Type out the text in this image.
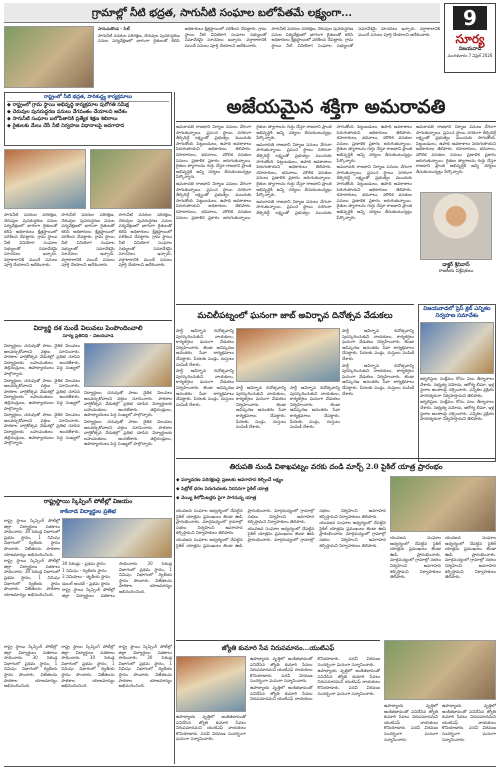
గ్రామాల్లో నీటి భద్రత, సాగునీటి సంఘాల బలోపేతమే లక్ష్యంగా...	9
సూర్య
విజయవాడ
మంగళవారం 7 ఏప్రిల్ 2026

హనుమకొండ - సిటీ

సాగునీటి వనరుల పరిరక్షణ, చెరువుల పునరుద్ధరణ పనుల పర్యవేక్షణలో భాగంగా రైతులతో కలిసి అధికారులు క్షేత్రస్థాయిలో పరిశీలన చేపట్టారు. గ్రామ స్థాయి నీటి వినియోగ సంఘాల సభ్యులతో సమావేశమై సూచనలు ఇచ్చారు. వర్షాకాలానికి ముందే పనులు పూర్తి చేయాలని ఆదేశించారు.

సాగునీటి వనరుల పరిరక్షణ, చెరువుల పునరుద్ధరణ పనుల పర్యవేక్షణలో భాగంగా రైతులతో కలిసి అధికారులు క్షేత్రస్థాయిలో పరిశీలన చేపట్టారు. గ్రామ స్థాయి నీటి వినియోగ సంఘాల సభ్యులతో సమావేశమై సూచనలు ఇచ్చారు. వర్షాకాలానికి ముందే పనులు పూర్తి చేయాలని ఆదేశించారు.

రాష్ట్రంలో నీటి భద్రత, పారిశుద్ధ్య కార్యక్రమాలు
◆ రాష్ట్రంలో గ్రామ స్థాయి అభివృద్ధి కార్యక్రమాల పురోగతి సమీక్ష
◆ చెరువుల పునరుద్ధరణ పనులు వేగవంతం చేయాలని ఆదేశం
◆ సాగునీటి సంఘాల బలోపేతానికి ప్రత్యేక శిక్షణ శిబిరాలు
◆ రైతులకు మేలు చేసే నీటి నిర్వహణ విధానాలపై అవగాహన
అజేయమైన శక్తిగా అమరావతి

అమరావతి రాజధాని నిర్మాణ పనులు వేగంగా సాగుతున్నాయి. ప్రపంచ స్థాయి నగరంగా తీర్చిదిద్దే లక్ష్యంతో ప్రభుత్వం ముందుకు సాగుతోంది. పెట్టుబడులు, ఉపాధి అవకాశాలు పెరుగుతాయని అధికారులు తెలిపారు. రహదారులు, భవనాలు, మౌలిక వసతుల పనులు ప్రణాళిక ప్రకారం జరుగుతున్నాయి. రైతుల త్యాగాలను గుర్తు చేస్తూ రాజధాని ప్రాంత అభివృద్ధికి అన్ని చర్యలు తీసుకుంటున్నట్లు పేర్కొన్నారు.

అమరావతి రాజధాని నిర్మాణ పనులు వేగంగా సాగుతున్నాయి. ప్రపంచ స్థాయి నగరంగా తీర్చిదిద్దే లక్ష్యంతో ప్రభుత్వం ముందుకు సాగుతోంది. పెట్టుబడులు, ఉపాధి అవకాశాలు పెరుగుతాయని అధికారులు తెలిపారు. రహదారులు, భవనాలు, మౌలిక వసతుల పనులు ప్రణాళిక ప్రకారం జరుగుతున్నాయి. రైతుల త్యాగాలను గుర్తు చేస్తూ రాజధాని ప్రాంత అభివృద్ధికి అన్ని చర్యలు తీసుకుంటున్నట్లు పేర్కొన్నారు.

అమరావతి రాజధాని నిర్మాణ పనులు వేగంగా సాగుతున్నాయి. ప్రపంచ స్థాయి నగరంగా తీర్చిదిద్దే లక్ష్యంతో ప్రభుత్వం ముందుకు సాగుతోంది. పెట్టుబడులు, ఉపాధి అవకాశాలు పెరుగుతాయని అధికారులు తెలిపారు. రహదారులు, భవనాలు, మౌలిక వసతుల పనులు ప్రణాళిక ప్రకారం జరుగుతున్నాయి. రైతుల త్యాగాలను గుర్తు చేస్తూ రాజధాని ప్రాంత అభివృద్ధికి అన్ని చర్యలు తీసుకుంటున్నట్లు పేర్కొన్నారు.

అమరావతి రాజధాని నిర్మాణ పనులు వేగంగా సాగుతున్నాయి. ప్రపంచ స్థాయి నగరంగా తీర్చిదిద్దే లక్ష్యంతో ప్రభుత్వం ముందుకు సాగుతోంది. పెట్టుబడులు, ఉపాధి అవకాశాలు పెరుగుతాయని అధికారులు తెలిపారు. రహదారులు, భవనాలు, మౌలిక వసతుల పనులు ప్రణాళిక ప్రకారం జరుగుతున్నాయి. రైతుల త్యాగాలను గుర్తు చేస్తూ రాజధాని ప్రాంత అభివృద్ధికి అన్ని చర్యలు తీసుకుంటున్నట్లు పేర్కొన్నారు.

అమరావతి రాజధాని నిర్మాణ పనులు వేగంగా సాగుతున్నాయి. ప్రపంచ స్థాయి నగరంగా తీర్చిదిద్దే లక్ష్యంతో ప్రభుత్వం ముందుకు సాగుతోంది. పెట్టుబడులు, ఉపాధి అవకాశాలు పెరుగుతాయని అధికారులు తెలిపారు. రహదారులు, భవనాలు, మౌలిక వసతుల పనులు ప్రణాళిక ప్రకారం జరుగుతున్నాయి. రైతుల త్యాగాలను గుర్తు చేస్తూ రాజధాని ప్రాంత అభివృద్ధికి అన్ని చర్యలు తీసుకుంటున్నట్లు పేర్కొన్నారు.

అమరావతి రాజధాని నిర్మాణ పనులు వేగంగా సాగుతున్నాయి. ప్రపంచ స్థాయి నగరంగా తీర్చిదిద్దే లక్ష్యంతో ప్రభుత్వం ముందుకు సాగుతోంది. పెట్టుబడులు, ఉపాధి అవకాశాలు పెరుగుతాయని అధికారులు తెలిపారు. రహదారులు, భవనాలు, మౌలిక వసతుల పనులు ప్రణాళిక ప్రకారం జరుగుతున్నాయి. రైతుల త్యాగాలను గుర్తు చేస్తూ రాజధాని ప్రాంత అభివృద్ధికి అన్ని చర్యలు తీసుకుంటున్నట్లు పేర్కొన్నారు.

డాక్టర్ శ్రీనివాస్
రాజకీయ విశ్లేషకులు

సాగునీటి వనరుల పరిరక్షణ, చెరువుల పునరుద్ధరణ పనుల పర్యవేక్షణలో భాగంగా రైతులతో కలిసి అధికారులు క్షేత్రస్థాయిలో పరిశీలన చేపట్టారు. గ్రామ స్థాయి నీటి వినియోగ సంఘాల సభ్యులతో సమావేశమై సూచనలు ఇచ్చారు. వర్షాకాలానికి ముందే పనులు పూర్తి చేయాలని ఆదేశించారు.

సాగునీటి వనరుల పరిరక్షణ, చెరువుల పునరుద్ధరణ పనుల పర్యవేక్షణలో భాగంగా రైతులతో కలిసి అధికారులు క్షేత్రస్థాయిలో పరిశీలన చేపట్టారు. గ్రామ స్థాయి నీటి వినియోగ సంఘాల సభ్యులతో సమావేశమై సూచనలు ఇచ్చారు. వర్షాకాలానికి ముందే పనులు పూర్తి చేయాలని ఆదేశించారు.

సాగునీటి వనరుల పరిరక్షణ, చెరువుల పునరుద్ధరణ పనుల పర్యవేక్షణలో భాగంగా రైతులతో కలిసి అధికారులు క్షేత్రస్థాయిలో పరిశీలన చేపట్టారు. గ్రామ స్థాయి నీటి వినియోగ సంఘాల సభ్యులతో సమావేశమై సూచనలు ఇచ్చారు. వర్షాకాలానికి ముందే పనులు పూర్తి చేయాలని ఆదేశించారు.

మచిలీపట్నంలో ఘనంగా జాబ్ అవిర్భావ దినోత్సవ వేడుకలు

పార్టీ ఆవిర్భావ దినోత్సవాన్ని పురస్కరించుకుని నాయకులు, కార్యకర్తలు ఘనంగా వేడుకలు నిర్వహించారు. జెండా ఆవిష్కరణ అనంతరం సేవా కార్యక్రమాలు చేపట్టారు. పేదలకు పండ్లు, దుస్తులు పంపిణీ చేశారు.

పార్టీ ఆవిర్భావ దినోత్సవాన్ని పురస్కరించుకుని నాయకులు, కార్యకర్తలు ఘనంగా వేడుకలు నిర్వహించారు. జెండా ఆవిష్కరణ అనంతరం సేవా కార్యక్రమాలు చేపట్టారు. పేదలకు పండ్లు, దుస్తులు పంపిణీ చేశారు.

పార్టీ ఆవిర్భావ దినోత్సవాన్ని పురస్కరించుకుని నాయకులు, కార్యకర్తలు ఘనంగా వేడుకలు నిర్వహించారు. జెండా ఆవిష్కరణ అనంతరం సేవా కార్యక్రమాలు చేపట్టారు. పేదలకు పండ్లు, దుస్తులు పంపిణీ చేశారు.

పార్టీ ఆవిర్భావ దినోత్సవాన్ని పురస్కరించుకుని నాయకులు, కార్యకర్తలు ఘనంగా వేడుకలు నిర్వహించారు. జెండా ఆవిష్కరణ అనంతరం సేవా కార్యక్రమాలు చేపట్టారు. పేదలకు పండ్లు, దుస్తులు పంపిణీ చేశారు.

పార్టీ ఆవిర్భావ దినోత్సవాన్ని పురస్కరించుకుని నాయకులు, కార్యకర్తలు ఘనంగా వేడుకలు నిర్వహించారు. జెండా ఆవిష్కరణ అనంతరం సేవా కార్యక్రమాలు చేపట్టారు. పేదలకు పండ్లు, దుస్తులు పంపిణీ చేశారు.

పార్టీ ఆవిర్భావ దినోత్సవాన్ని పురస్కరించుకుని నాయకులు, కార్యకర్తలు ఘనంగా వేడుకలు నిర్వహించారు. జెండా ఆవిష్కరణ అనంతరం సేవా కార్యక్రమాలు చేపట్టారు. పేదలకు పండ్లు, దుస్తులు పంపిణీ చేశారు.

విజయవాడలో ప్రెస్ క్లబ్ ఎన్నికల నిర్వహణ సమావేశం

జర్నలిస్టుల సంక్షేమం కోసం పలు తీర్మానాలు చేశారు. సభ్యత్వ నమోదు, ఆరోగ్య బీమా, ఇళ్ల స్థలాల అంశాలపై చర్చించారు. ఎన్నికల ప్రక్రియ పారదర్శకంగా నిర్వహిస్తామని తెలిపారు.

జర్నలిస్టుల సంక్షేమం కోసం పలు తీర్మానాలు చేశారు. సభ్యత్వ నమోదు, ఆరోగ్య బీమా, ఇళ్ల స్థలాల అంశాలపై చర్చించారు. ఎన్నికల ప్రక్రియ పారదర్శకంగా నిర్వహిస్తామని తెలిపారు.

విద్యార్థి దశ నుండే విలువలు పెంపొందించాలి
సూర్య ప్రతినిధి - విజయవాడ

విద్యార్థులు చదువుతో పాటు నైతిక విలువలు అలవర్చుకోవాలని వక్తలు సూచించారు. పాఠశాల వార్షికోత్సవ వేడుకల్లో ప్రతిభ చూపిన విద్యార్థులకు బహుమతులు అందజేశారు. తల్లిదండ్రులు, ఉపాధ్యాయులు పెద్ద సంఖ్యలో పాల్గొన్నారు.

విద్యార్థులు చదువుతో పాటు నైతిక విలువలు అలవర్చుకోవాలని వక్తలు సూచించారు. పాఠశాల వార్షికోత్సవ వేడుకల్లో ప్రతిభ చూపిన విద్యార్థులకు బహుమతులు అందజేశారు. తల్లిదండ్రులు, ఉపాధ్యాయులు పెద్ద సంఖ్యలో పాల్గొన్నారు.

విద్యార్థులు చదువుతో పాటు నైతిక విలువలు అలవర్చుకోవాలని వక్తలు సూచించారు. పాఠశాల వార్షికోత్సవ వేడుకల్లో ప్రతిభ చూపిన విద్యార్థులకు బహుమతులు అందజేశారు. తల్లిదండ్రులు, ఉపాధ్యాయులు పెద్ద సంఖ్యలో పాల్గొన్నారు.

విద్యార్థులు చదువుతో పాటు నైతిక విలువలు అలవర్చుకోవాలని వక్తలు సూచించారు. పాఠశాల వార్షికోత్సవ వేడుకల్లో ప్రతిభ చూపిన విద్యార్థులకు బహుమతులు అందజేశారు. తల్లిదండ్రులు, ఉపాధ్యాయులు పెద్ద సంఖ్యలో పాల్గొన్నారు.

విద్యార్థులు చదువుతో పాటు నైతిక విలువలు అలవర్చుకోవాలని వక్తలు సూచించారు. పాఠశాల వార్షికోత్సవ వేడుకల్లో ప్రతిభ చూపిన విద్యార్థులకు బహుమతులు అందజేశారు. తల్లిదండ్రులు, ఉపాధ్యాయులు పెద్ద సంఖ్యలో పాల్గొన్నారు.

తిరుపతి నుండి విశాఖపట్నం వరకు దండి మార్చ్ 2.0 పైకిల్ యాత్ర ప్రారంభం
◆ పర్యావరణ పరిరక్షణపై ప్రజలకు అవగాహన కల్పించే లక్ష్యం
◆ పెట్రోల్ ధరల పెరుగుదలకు నిరసనగా సైకిల్ యాత్ర
◆ వెయ్యి కిలోమీటర్లకు పైగా సాగనున్న యాత్ర

యువజన సంఘాల ఆధ్వర్యంలో చేపట్టిన సైకిల్ యాత్రను ప్రముఖులు జెండా ఊపి ప్రారంభించారు. మార్గమధ్యంలో గ్రామాల్లో సభలు నిర్వహించి అవగాహన కల్పిస్తామని నిర్వాహకులు తెలిపారు.

యువజన సంఘాల ఆధ్వర్యంలో చేపట్టిన సైకిల్ యాత్రను ప్రముఖులు జెండా ఊపి ప్రారంభించారు. మార్గమధ్యంలో గ్రామాల్లో సభలు నిర్వహించి అవగాహన కల్పిస్తామని నిర్వాహకులు తెలిపారు.

యువజన సంఘాల ఆధ్వర్యంలో చేపట్టిన సైకిల్ యాత్రను ప్రముఖులు జెండా ఊపి ప్రారంభించారు. మార్గమధ్యంలో గ్రామాల్లో సభలు నిర్వహించి అవగాహన కల్పిస్తామని నిర్వాహకులు తెలిపారు.

యువజన సంఘాల ఆధ్వర్యంలో చేపట్టిన సైకిల్ యాత్రను ప్రముఖులు జెండా ఊపి ప్రారంభించారు. మార్గమధ్యంలో గ్రామాల్లో సభలు నిర్వహించి అవగాహన కల్పిస్తామని నిర్వాహకులు తెలిపారు.

యువజన సంఘాల ఆధ్వర్యంలో చేపట్టిన సైకిల్ యాత్రను ప్రముఖులు జెండా ఊపి ప్రారంభించారు. మార్గమధ్యంలో గ్రామాల్లో సభలు నిర్వహించి అవగాహన కల్పిస్తామని నిర్వాహకులు తెలిపారు.

యువజన సంఘాల ఆధ్వర్యంలో చేపట్టిన సైకిల్ యాత్రను ప్రముఖులు జెండా ఊపి ప్రారంభించారు. మార్గమధ్యంలో గ్రామాల్లో సభలు నిర్వహించి అవగాహన కల్పిస్తామని నిర్వాహకులు తెలిపారు.

రాష్ట్రస్థాయి స్కిప్పింగ్ పోటీల్లో విజయం
కాకినాడ విద్యార్థుల ప్రతిభ

రాష్ట్ర స్థాయి స్కిప్పింగ్ పోటీల్లో జిల్లా విద్యార్థులు పతకాలు సాధించారు. 30 సెకండ్ల విభాగంలో ప్రథమ స్థానం, 1 నిమిషం విభాగంలో ద్వితీయ స్థానం పొందారు. విజేతలను పాఠశాల యాజమాన్యం అభినందించింది.

రాష్ట్ర స్థాయి స్కిప్పింగ్ పోటీల్లో జిల్లా విద్యార్థులు పతకాలు సాధించారు. 30 సెకండ్ల విభాగంలో ప్రథమ స్థానం, 1 నిమిషం విభాగంలో ద్వితీయ స్థానం పొందారు. విజేతలను పాఠశాల యాజమాన్యం అభినందించింది.

30 సెకండ్లు - ప్రథమ స్థానం

1 నిమిషం - ద్వితీయ స్థానం

3 నిమిషాలు - తృతీయ స్థానం

డబుల్ అండర్ - ప్రథమ స్థానం

రాష్ట్ర స్థాయి స్కిప్పింగ్ పోటీల్లో జిల్లా విద్యార్థులు పతకాలు సాధించారు. 30 సెకండ్ల విభాగంలో ప్రథమ స్థానం, 1 నిమిషం విభాగంలో ద్వితీయ స్థానం పొందారు. విజేతలను పాఠశాల యాజమాన్యం అభినందించింది.

రాష్ట్ర స్థాయి స్కిప్పింగ్ పోటీల్లో జిల్లా విద్యార్థులు పతకాలు సాధించారు. 30 సెకండ్ల విభాగంలో ప్రథమ స్థానం, 1 నిమిషం విభాగంలో ద్వితీయ స్థానం పొందారు. విజేతలను పాఠశాల యాజమాన్యం అభినందించింది.

రాష్ట్ర స్థాయి స్కిప్పింగ్ పోటీల్లో జిల్లా విద్యార్థులు పతకాలు సాధించారు. 30 సెకండ్ల విభాగంలో ప్రథమ స్థానం, 1 నిమిషం విభాగంలో ద్వితీయ స్థానం పొందారు. విజేతలను పాఠశాల యాజమాన్యం అభినందించింది.

రాష్ట్ర స్థాయి స్కిప్పింగ్ పోటీల్లో జిల్లా విద్యార్థులు పతకాలు సాధించారు. 30 సెకండ్ల విభాగంలో ప్రథమ స్థానం, 1 నిమిషం విభాగంలో ద్వితీయ స్థానం పొందారు. విజేతలను పాఠశాల యాజమాన్యం అభినందించింది.

జ్యోతి కుమారి సేవ నిరుపమానం...యుటిఎఫ్

ఉపాధ్యాయ వృత్తిలో అంకితభావంతో పనిచేసిన జ్యోతి కుమారి సేవలు నిరుపమానమని యుటిఎఫ్ నాయకులు కొనియాడారు. పదవీ విరమణ సందర్భంగా ఘనంగా సన్మానించారు.

ఉపాధ్యాయ వృత్తిలో అంకితభావంతో పనిచేసిన జ్యోతి కుమారి సేవలు నిరుపమానమని యుటిఎఫ్ నాయకులు కొనియాడారు. పదవీ విరమణ సందర్భంగా ఘనంగా సన్మానించారు.

ఉపాధ్యాయ వృత్తిలో అంకితభావంతో పనిచేసిన జ్యోతి కుమారి సేవలు నిరుపమానమని యుటిఎఫ్ నాయకులు కొనియాడారు. పదవీ విరమణ సందర్భంగా ఘనంగా సన్మానించారు.

ఉపాధ్యాయ వృత్తిలో అంకితభావంతో పనిచేసిన జ్యోతి కుమారి సేవలు నిరుపమానమని యుటిఎఫ్ నాయకులు కొనియాడారు. పదవీ విరమణ సందర్భంగా ఘనంగా సన్మానించారు.

ఉపాధ్యాయ వృత్తిలో అంకితభావంతో పనిచేసిన జ్యోతి కుమారి సేవలు నిరుపమానమని యుటిఎఫ్ నాయకులు కొనియాడారు. పదవీ విరమణ సందర్భంగా ఘనంగా సన్మానించారు.

ఉపాధ్యాయ వృత్తిలో అంకితభావంతో పనిచేసిన జ్యోతి కుమారి సేవలు నిరుపమానమని యుటిఎఫ్ నాయకులు కొనియాడారు. పదవీ విరమణ సందర్భంగా ఘనంగా సన్మానించారు.
